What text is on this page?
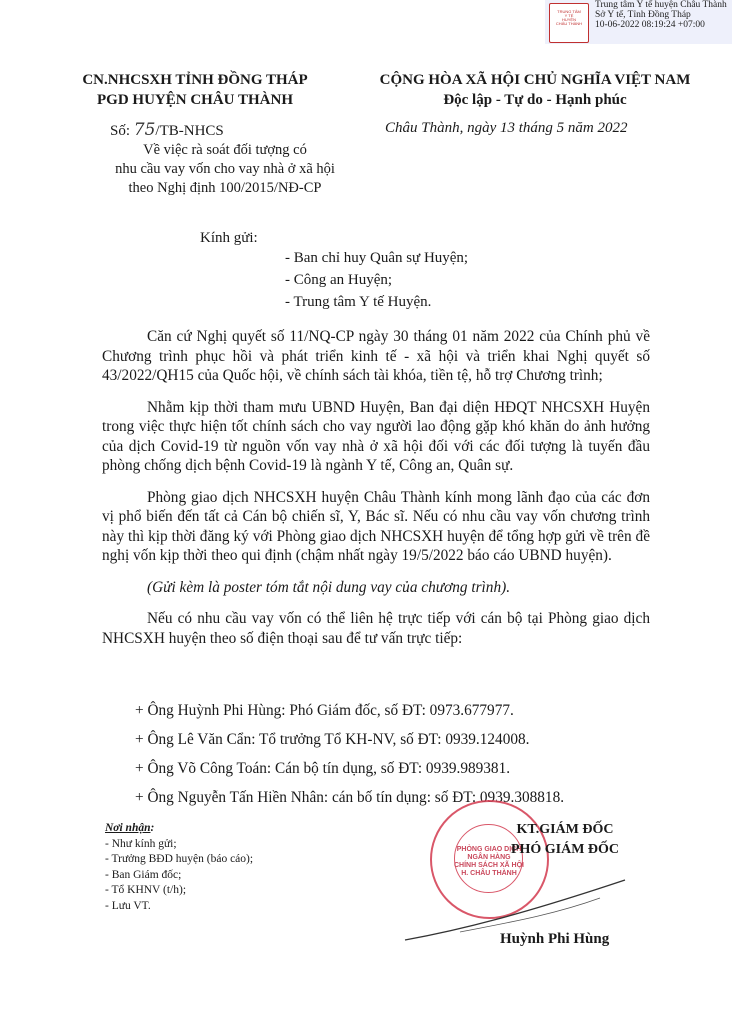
TRUNG TÂM
Y TẾ
HUYỆN
CHÂU THÀNH
Trung tâm Y tế huyện Châu Thành
Sở Y tế, Tỉnh Đồng Tháp
10-06-2022 08:19:24 +07:00
CN.NHCSXH TỈNH ĐỒNG THÁP
PGD HUYỆN CHÂU THÀNH
CỘNG HÒA XÃ HỘI CHỦ NGHĨA VIỆT NAM
Độc lập - Tự do - Hạnh phúc
Số: 75/TB-NHCS	Châu Thành, ngày 13 tháng 5 năm 2022
Về việc rà soát đối tượng có
nhu cầu vay vốn cho vay nhà ở xã hội
theo Nghị định 100/2015/NĐ-CP
Kính gửi:
- Ban chỉ huy Quân sự Huyện;
- Công an Huyện;
- Trung tâm Y tế Huyện.

Căn cứ Nghị quyết số 11/NQ-CP ngày 30 tháng 01 năm 2022 của Chính phủ về Chương trình phục hồi và phát triển kinh tế - xã hội và triển khai Nghị quyết số 43/2022/QH15 của Quốc hội, về chính sách tài khóa, tiền tệ, hỗ trợ Chương trình;

Nhằm kịp thời tham mưu UBND Huyện, Ban đại diện HĐQT NHCSXH Huyện trong việc thực hiện tốt chính sách cho vay người lao động gặp khó khăn do ảnh hưởng của dịch Covid-19 từ nguồn vốn vay nhà ở xã hội đối với các đối tượng là tuyến đầu phòng chống dịch bệnh Covid-19 là ngành Y tế, Công an, Quân sự.

Phòng giao dịch NHCSXH huyện Châu Thành kính mong lãnh đạo của các đơn vị phổ biến đến tất cả Cán bộ chiến sĩ, Y, Bác sĩ. Nếu có nhu cầu vay vốn chương trình này thì kịp thời đăng ký với Phòng giao dịch NHCSXH huyện để tổng hợp gửi về trên đề nghị vốn kịp thời theo qui định (chậm nhất ngày 19/5/2022 báo cáo UBND huyện).

(Gửi kèm là poster tóm tắt nội dung vay của chương trình).

Nếu có nhu cầu vay vốn có thể liên hệ trực tiếp với cán bộ tại Phòng giao dịch NHCSXH huyện theo số điện thoại sau để tư vấn trực tiếp:

+ Ông Huỳnh Phi Hùng: Phó Giám đốc, số ĐT: 0973.677977.
+ Ông Lê Văn Cẩn: Tổ trưởng Tổ KH-NV, số ĐT: 0939.124008.
+ Ông Võ Công Toán: Cán bộ tín dụng, số ĐT: 0939.989381.
+ Ông Nguyễn Tấn Hiền Nhân: cán bố tín dụng: số ĐT: 0939.308818.
Nơi nhận:
- Như kính gửi;
- Trưởng BĐD huyện (báo cáo);
- Ban Giám đốc;
- Tổ KHNV (t/h);
- Lưu VT.
PHÒNG GIAO DỊCH
NGÂN HÀNG
CHÍNH SÁCH XÃ HỘI
H. CHÂU THÀNH
KT.GIÁM ĐỐC
PHÓ GIÁM ĐỐC
Huỳnh Phi Hùng
